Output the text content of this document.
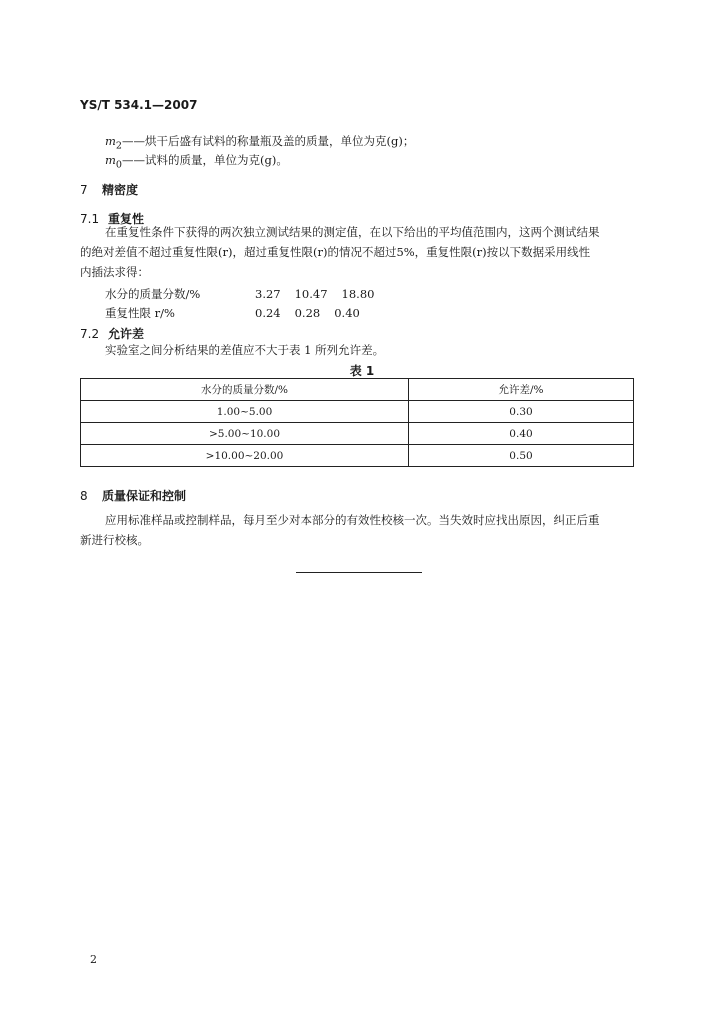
YS/T 534.1—2007
$m_2——$烘干后盛有试料的称量瓶及盖的质量，单位为克(g)；
$m_0——$试料的质量，单位为克(g)。
7 精密度
7.1 重复性
在重复性条件下获得的两次独立测试结果的测定值，在以下给出的平均值范围内，这两个测试结果
的绝对差值不超过重复性限(r)，超过重复性限(r)的情况不超过5%，重复性限(r)按以下数据采用线性
内插法求得：
水分的质量分数/%	3.27 10.47 18.80
重复性限 r/%	0.24 0.28 0.40
7.2 允许差
实验室之间分析结果的差值应不大于表 1 所列允许差。
表 1
水分的质量分数/%	允许差/%
1.00~5.00	0.30
>5.00~10.00	0.40
>10.00~20.00	0.50
8 质量保证和控制
应用标准样品或控制样品，每月至少对本部分的有效性校核一次。当失效时应找出原因，纠正后重
新进行校核。
2
